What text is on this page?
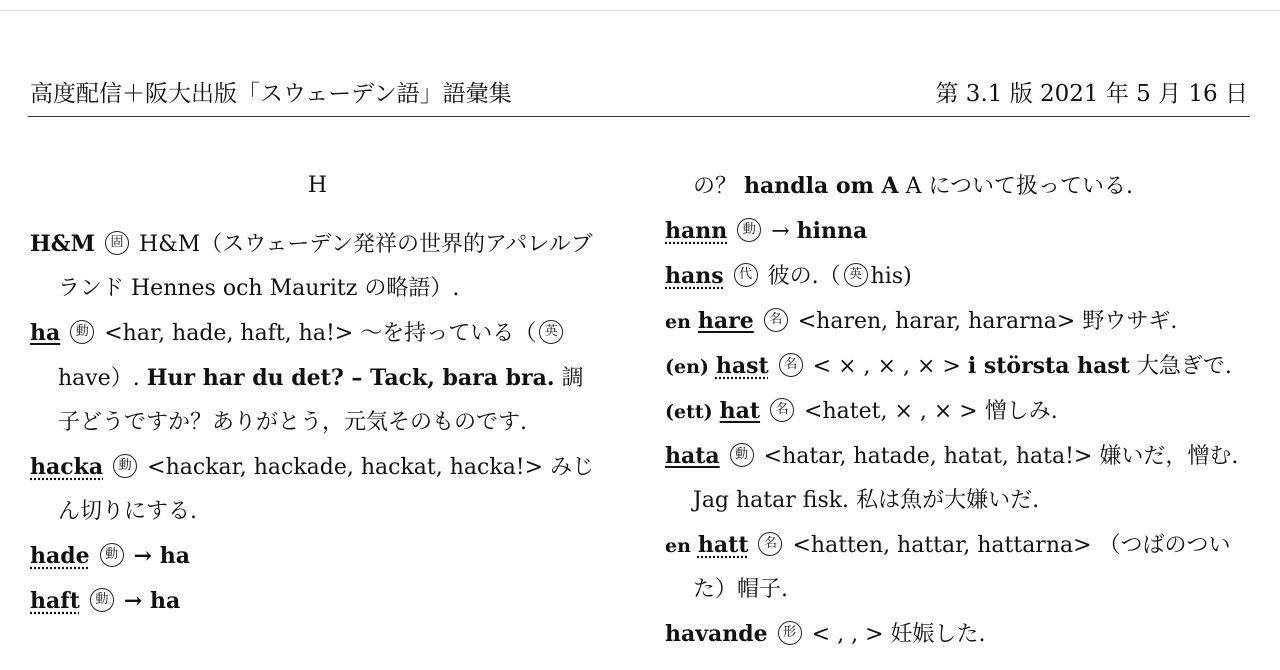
高度配信＋阪大出版「スウェーデン語」語彙集	第 3.1 版 2021 年 5 月 16 日
H
H&M 固 H&M（スウェーデン発祥の世界的アパレルブランド Hennes och Mauritz の略語）.
ha 動 <har, hade, haft, ha!> 〜を持っている（ 英have）. Hur har du det? – Tack, bara bra. 調子どうですか？ありがとう，元気そのものです.
hacka 動 <hackar, hackade, hackat, hacka!> みじん切りにする.
hade 動 → ha
haft 動 → ha
の？ handla om A A について扱っている.
hann 動 → hinna
hans 代 彼の.（ 英 his)
en hare 名 <haren, harar, hararna> 野ウサギ.
(en) hast 名 < × , × , × > i största hast 大急ぎで.
(ett) hat 名 <hatet, × , × > 憎しみ.
hata 動 <hatar, hatade, hatat, hata!> 嫌いだ，憎む. Jag hatar fisk. 私は魚が大嫌いだ.
en hatt 名 <hatten, hattar, hattarna> （つばのついた）帽子.
havande 形 < , , > 妊娠した.
